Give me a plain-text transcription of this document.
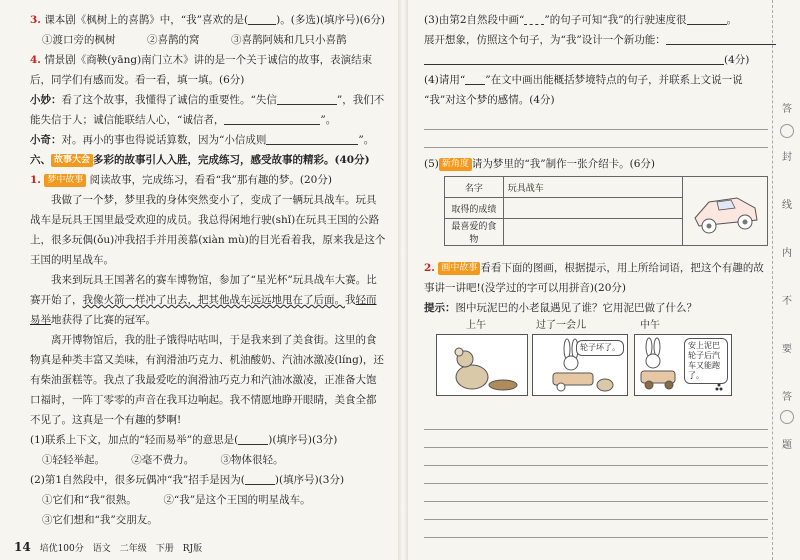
3. 课本剧《枫树上的喜鹊》中，“我”喜欢的是(	)。(多选)(填序号)(6分)
①渡口旁的枫树　　　②喜鹊的窝　　　③喜鹊阿姨和几只小喜鹊
4. 情景剧《商鞅(yāng)南门立木》讲的是一个关于诚信的故事，表演结束
后，同学们有感而发。看一看，填一填。(6分)
小妙：看了这个故事，我懂得了诚信的重要性。“失信	”，我们不
能失信于人；诚信能联结人心，“诚信者，	”。
小奇：对。再小的事也得说话算数，因为“小信成则	”。
六、 故事大会 多彩的故事引人入胜，完成练习，感受故事的精彩。(40分)
1. 梦中故事 阅读故事，完成练习，看看“我”那有趣的梦。(20分)
我做了一个梦，梦里我的身体突然变小了，变成了一辆玩具战车。玩具战车是玩具王国里最受欢迎的成员。我总得闲地行驶(shǐ)在玩具王国的公路上，很多玩偶(ǒu)冲我招手并用羡慕(xiàn mù)的目光看着我，原来我是这个王国的明星战车。
我来到玩具王国著名的赛车博物馆，参加了“星光杯”玩具战车大赛。比赛开始了，我像火箭一样冲了出去，把其他战车远远地甩在了后面。我轻而易举地获得了比赛的冠军。
离开博物馆后，我的肚子饿得咕咕叫，于是我来到了美食街。这里的食物真是种类丰富又美味，有润滑油巧克力、机油酸奶、汽油冰激凌(líng)，还有柴油蛋糕等。我点了我最爱吃的润滑油巧克力和汽油冰激凌，正准备大饱口福时，一阵丁零零的声音在我耳边响起。我不情愿地睁开眼睛，美食全都不见了。这真是一个有趣的梦啊!
(1)联系上下文，加点的“轻而易举”的意思是(	)(填序号)(3分)
①轻轻举起。　　　②毫不费力。　　　③物体很轻。
(2)第1自然段中，很多玩偶冲“我”招手是因为(	)(填序号)(3分)
①它们和“我”很熟。	②“我”是这个王国的明星战车。
③它们想和“我”交朋友。
14 培优100分　语文　二年级　下册　RJ版
(3)由第2自然段中画“ ”的句子可知“我”的行驶速度很	。
展开想象，仿照这个句子，为“我”设计一个新功能：
(4分)
(4)请用“ ”在文中画出能概括梦境特点的句子，并联系上文说一说
“我”对这个梦的感情。(4分)
(5) 新角度 请为梦里的“我”制作一张介绍卡。(6分)
名字	玩具战车	
取得的成绩		
最喜爱的食物		
2. 画中故事 看看下面的图画，根据提示，用上所给词语，把这个有趣的故
事讲一讲吧!(没学过的字可以用拼音)(20分)
提示：图中玩泥巴的小老鼠遇见了谁？它用泥巴做了什么？
上午	过了一会儿	中午
轮子坏了。	安上泥巴轮子后汽车又能跑了。
答
封
线
内
不
要
答
题
